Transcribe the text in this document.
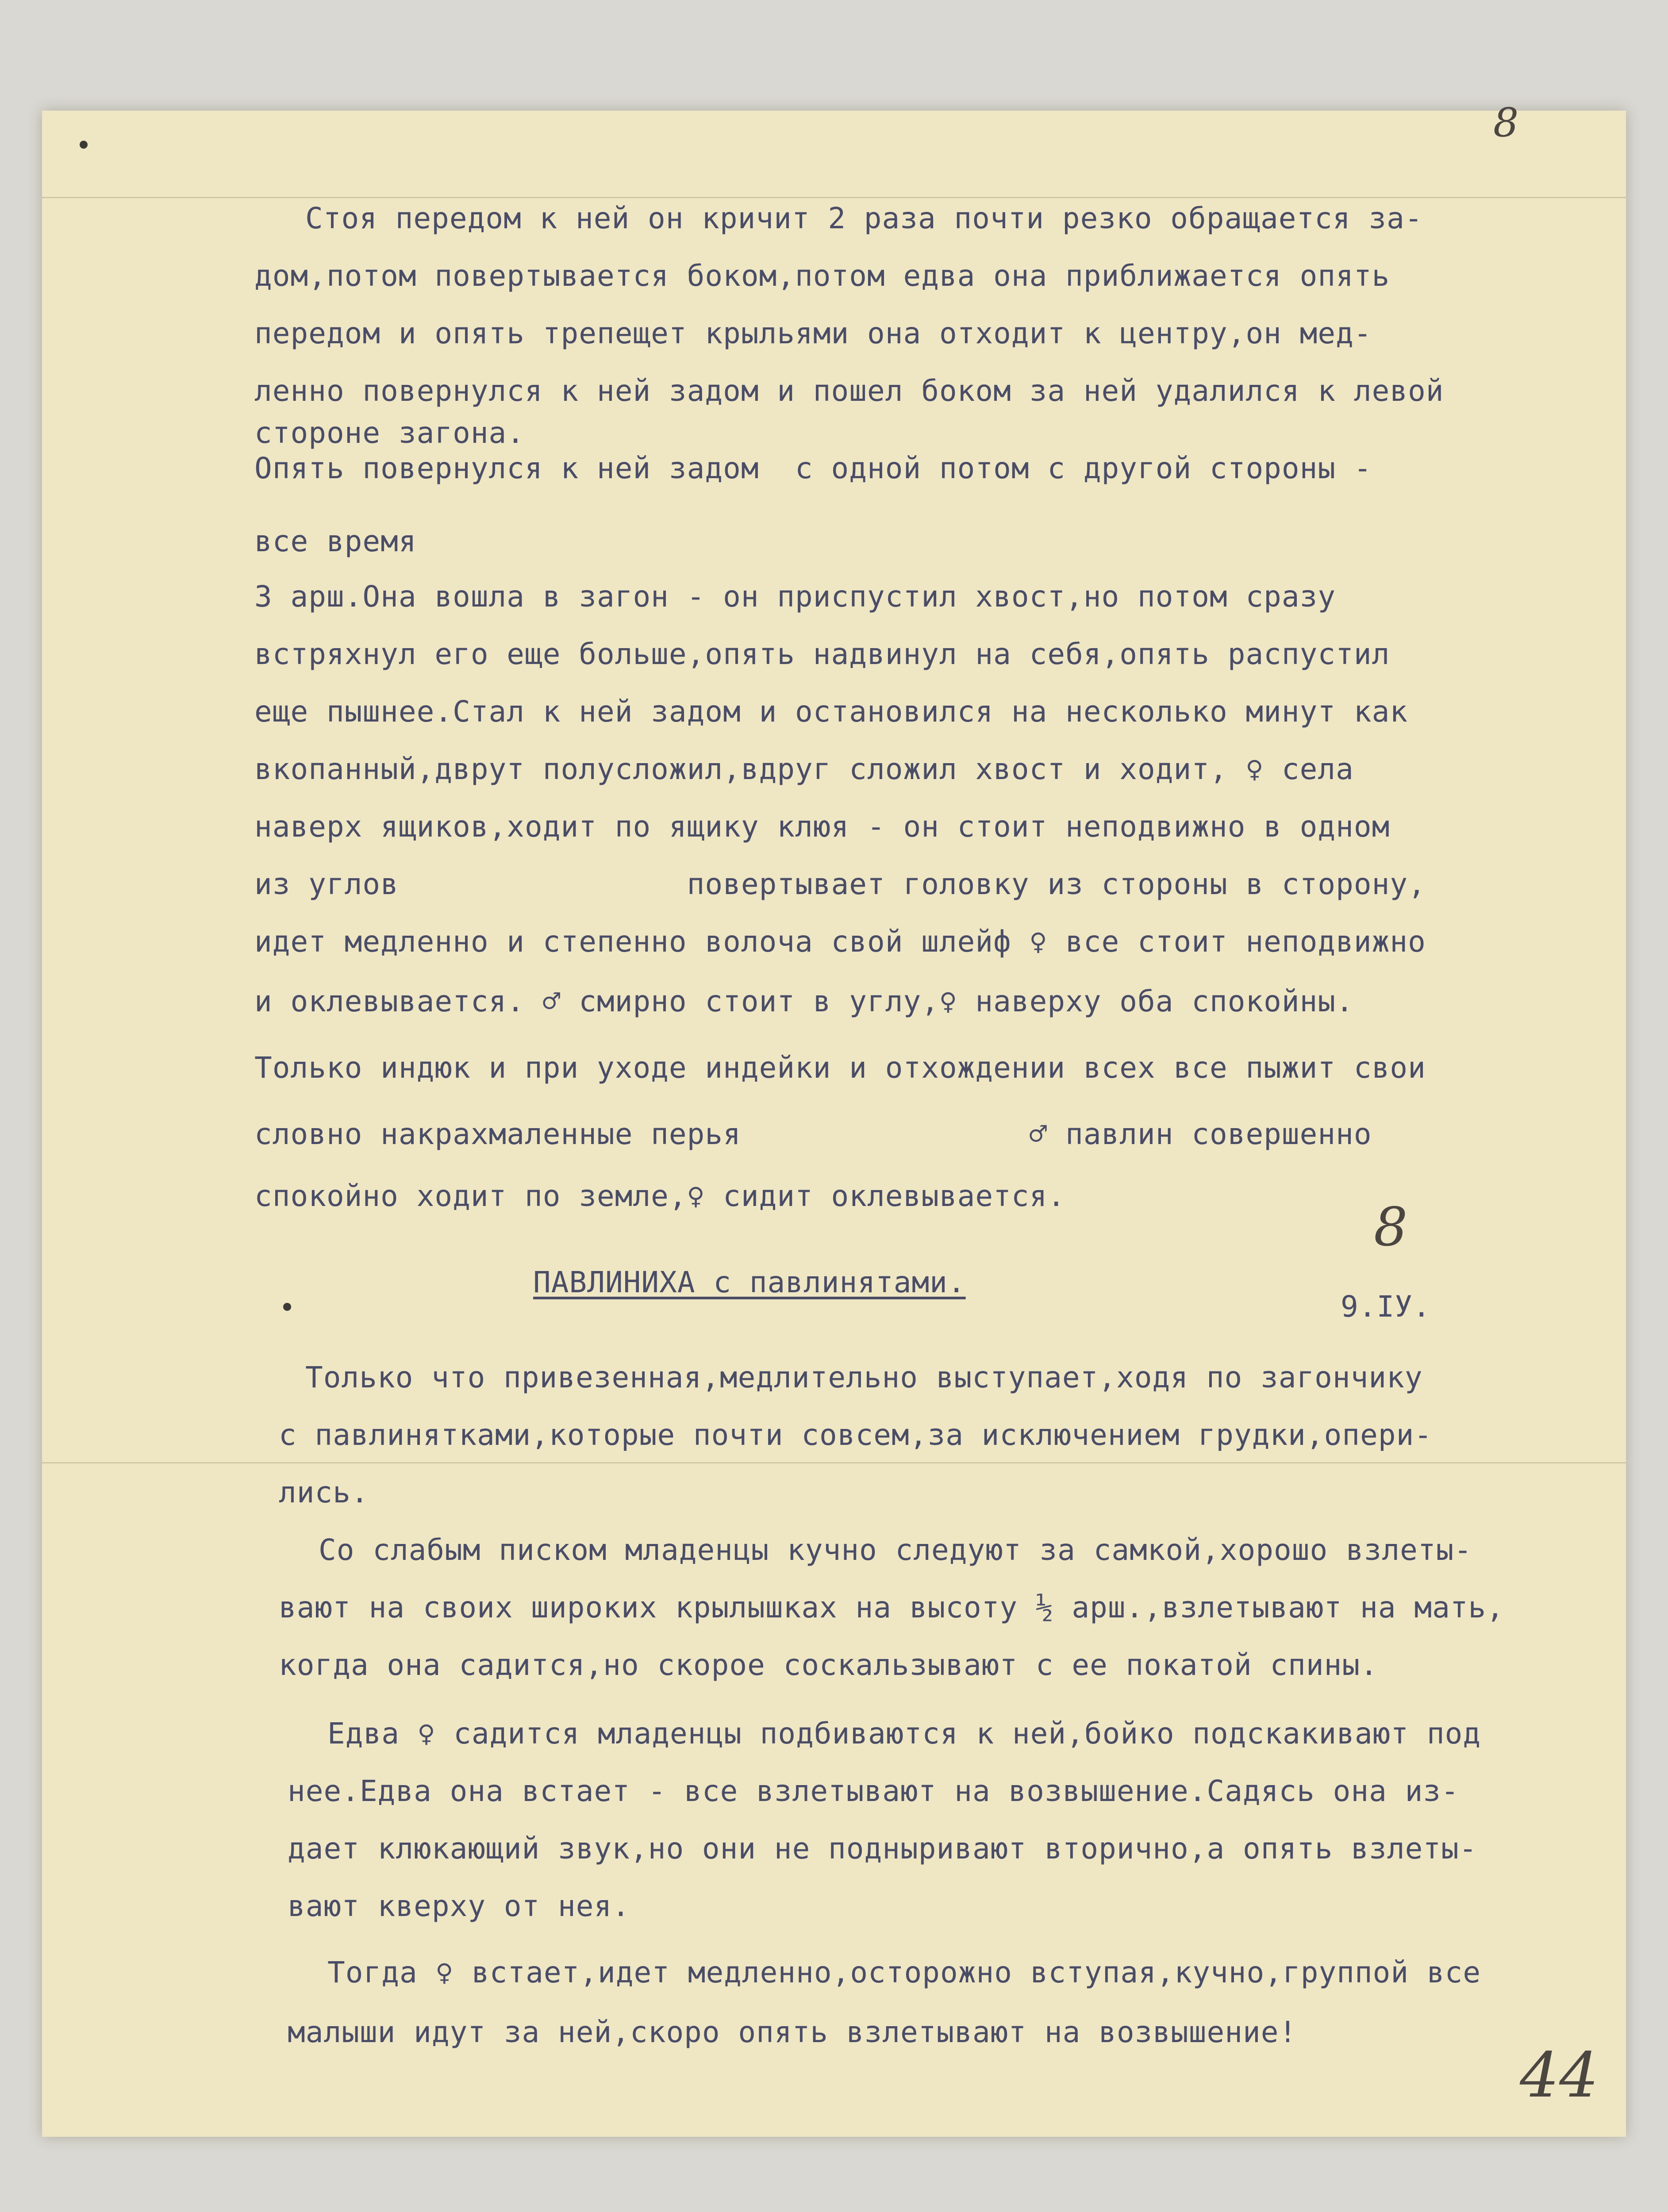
8
8
44
Стоя передом к ней он кричит 2 раза почти резко обращается за-
дом,потом повертывается боком,потом едва она приближается опять
передом и опять трепещет крыльями она отходит к центру,он мед-
ленно повернулся к ней задом и пошел боком за ней удалился к левой
стороне загона.
Опять повернулся к ней задом  с одной потом с другой стороны -
все время
3 арш.Она вошла в загон - он приспустил хвост,но потом сразу
встряхнул его еще больше,опять надвинул на себя,опять распустил
еще пышнее.Стал к ней задом и остановился на несколько минут как
вкопанный,дврут полусложил,вдруг сложил хвост и ходит, ♀ села
наверх ящиков,ходит по ящику клюя - он стоит неподвижно в одном
из углов                повертывает головку из стороны в сторону,
идет медленно и степенно волоча свой шлейф ♀ все стоит неподвижно
и оклевывается. ♂ смирно стоит в углу,♀ наверху оба спокойны.
Только индюк и при уходе индейки и отхождении всех все пыжит свои
словно накрахмаленные перья                ♂ павлин совершенно
спокойно ходит по земле,♀ сидит оклевывается.
ПАВЛИНИХА с павлинятами.
9.IУ.
Только что привезенная,медлительно выступает,ходя по загончику
с павлинятками,которые почти совсем,за исключением грудки,опери-
лись.
Со слабым писком младенцы кучно следуют за самкой,хорошо взлеты-
вают на своих широких крылышках на высоту ½ арш.,взлетывают на мать,
когда она садится,но скорое соскальзывают с ее покатой спины.
Едва ♀ садится младенцы подбиваются к ней,бойко подскакивают под
нее.Едва она встает - все взлетывают на возвышение.Садясь она из-
дает клюкающий звук,но они не подныривают вторично,а опять взлеты-
вают кверху от нея.
Тогда ♀ встает,идет медленно,осторожно вступая,кучно,группой все
малыши идут за ней,скоро опять взлетывают на возвышение!
